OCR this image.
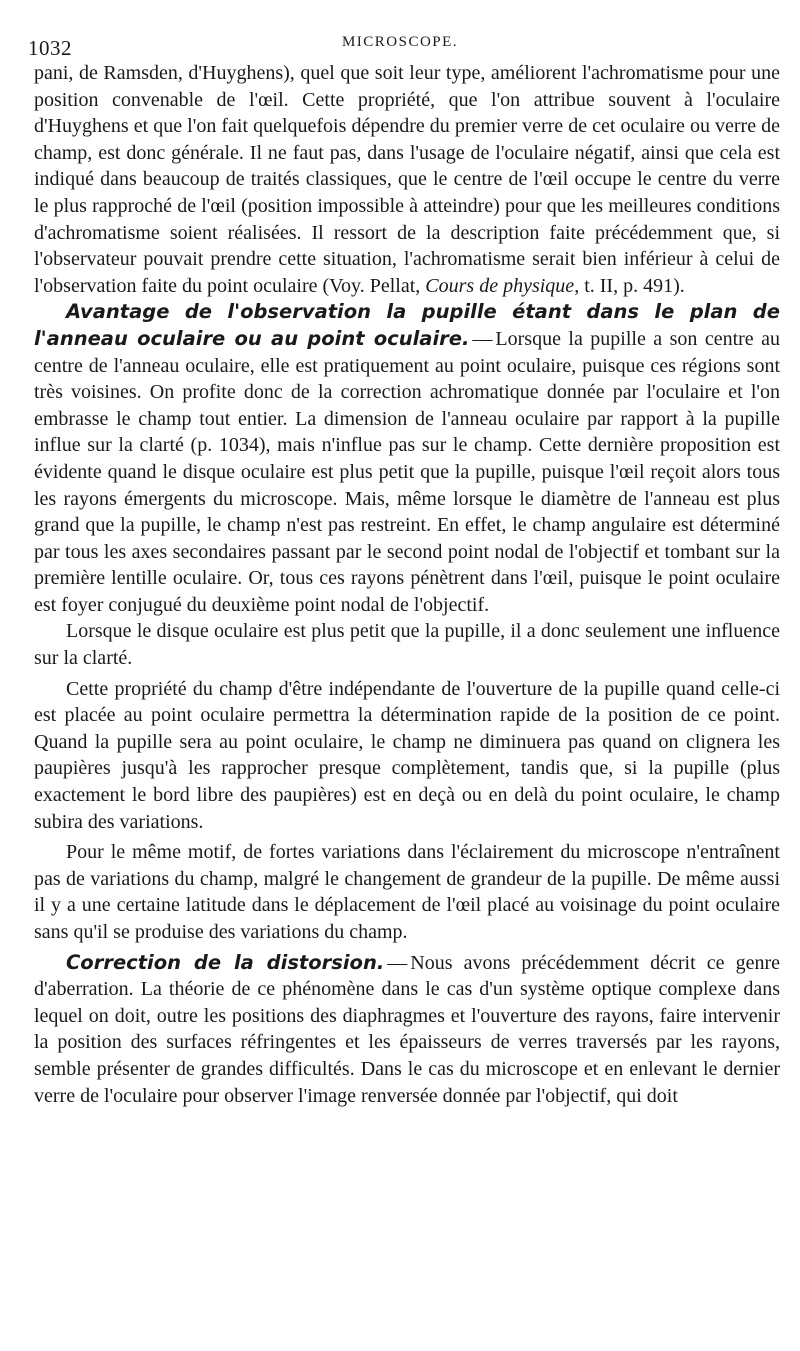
1032	MICROSCOPE.

pani, de Ramsden, d'Huyghens), quel que soit leur type, améliorent l'achromatisme pour une position convenable de l'œil. Cette propriété, que l'on attribue souvent à l'oculaire d'Huyghens et que l'on fait quelquefois dépendre du premier verre de cet oculaire ou verre de champ, est donc générale. Il ne faut pas, dans l'usage de l'oculaire négatif, ainsi que cela est indiqué dans beaucoup de traités classiques, que le centre de l'œil occupe le centre du verre le plus rapproché de l'œil (position impossible à atteindre) pour que les meilleures conditions d'achromatisme soient réalisées. Il ressort de la description faite précédemment que, si l'observateur pouvait prendre cette situation, l'achromatisme serait bien inférieur à celui de l'observation faite du point oculaire (Voy. Pellat, Cours de physique, t. II, p. 491).

Avantage de l'observation la pupille étant dans le plan de l'anneau oculaire ou au point oculaire. — Lorsque la pupille a son centre au centre de l'anneau oculaire, elle est pratiquement au point oculaire, puisque ces régions sont très voisines. On profite donc de la correction achromatique donnée par l'oculaire et l'on embrasse le champ tout entier. La dimension de l'anneau oculaire par rapport à la pupille influe sur la clarté (p. 1034), mais n'influe pas sur le champ. Cette dernière proposition est évidente quand le disque oculaire est plus petit que la pupille, puisque l'œil reçoit alors tous les rayons émergents du microscope. Mais, même lorsque le diamètre de l'anneau est plus grand que la pupille, le champ n'est pas restreint. En effet, le champ angulaire est déterminé par tous les axes secondaires passant par le second point nodal de l'objectif et tombant sur la première lentille oculaire. Or, tous ces rayons pénètrent dans l'œil, puisque le point oculaire est foyer conjugué du deuxième point nodal de l'objectif.

Lorsque le disque oculaire est plus petit que la pupille, il a donc seulement une influence sur la clarté.

Cette propriété du champ d'être indépendante de l'ouverture de la pupille quand celle-ci est placée au point oculaire permettra la détermination rapide de la position de ce point. Quand la pupille sera au point oculaire, le champ ne diminuera pas quand on clignera les paupières jusqu'à les rapprocher presque complètement, tandis que, si la pupille (plus exactement le bord libre des paupières) est en deçà ou en delà du point oculaire, le champ subira des variations.

Pour le même motif, de fortes variations dans l'éclairement du microscope n'entraînent pas de variations du champ, malgré le changement de grandeur de la pupille. De même aussi il y a une certaine latitude dans le déplacement de l'œil placé au voisinage du point oculaire sans qu'il se produise des variations du champ.

Correction de la distorsion. — Nous avons précédemment décrit ce genre d'aberration. La théorie de ce phénomène dans le cas d'un système optique complexe dans lequel on doit, outre les positions des diaphragmes et l'ouverture des rayons, faire intervenir la position des surfaces réfringentes et les épaisseurs de verres traversés par les rayons, semble présenter de grandes difficultés. Dans le cas du microscope et en enlevant le dernier verre de l'oculaire pour observer l'image renversée donnée par l'objectif, qui doit
